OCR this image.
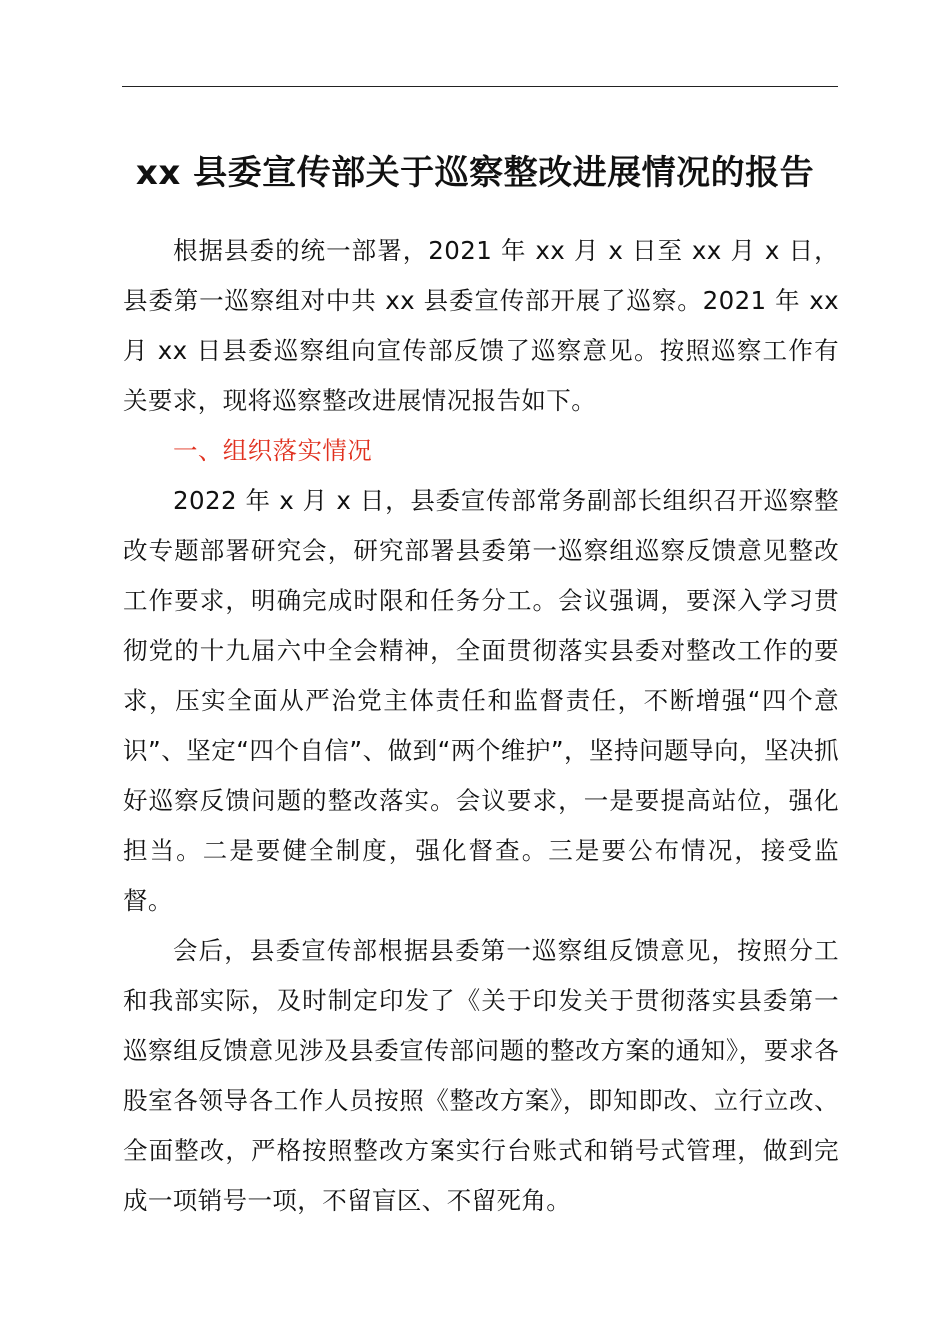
xx 县委宣传部关于巡察整改进展情况的报告

根据县委的统一部署，2021 年 xx 月 x 日至 xx 月 x 日，县委第一巡察组对中共 xx 县委宣传部开展了巡察。2021 年 xx 月 xx 日县委巡察组向宣传部反馈了巡察意见。按照巡察工作有关要求，现将巡察整改进展情况报告如下。

一、组织落实情况

2022 年 x 月 x 日，县委宣传部常务副部长组织召开巡察整改专题部署研究会，研究部署县委第一巡察组巡察反馈意见整改工作要求，明确完成时限和任务分工。会议强调，要深入学习贯彻党的十九届六中全会精神，全面贯彻落实县委对整改工作的要求，压实全面从严治党主体责任和监督责任，不断增强“四个意识”、坚定“四个自信”、做到“两个维护”，坚持问题导向，坚决抓好巡察反馈问题的整改落实。会议要求，一是要提高站位，强化担当。二是要健全制度，强化督查。三是要公布情况，接受监督。

会后，县委宣传部根据县委第一巡察组反馈意见，按照分工和我部实际，及时制定印发了《关于印发关于贯彻落实县委第一巡察组反馈意见涉及县委宣传部问题的整改方案的通知》，要求各股室各领导各工作人员按照《整改方案》，即知即改、立行立改、全面整改，严格按照整改方案实行台账式和销号式管理，做到完成一项销号一项，不留盲区、不留死角。
